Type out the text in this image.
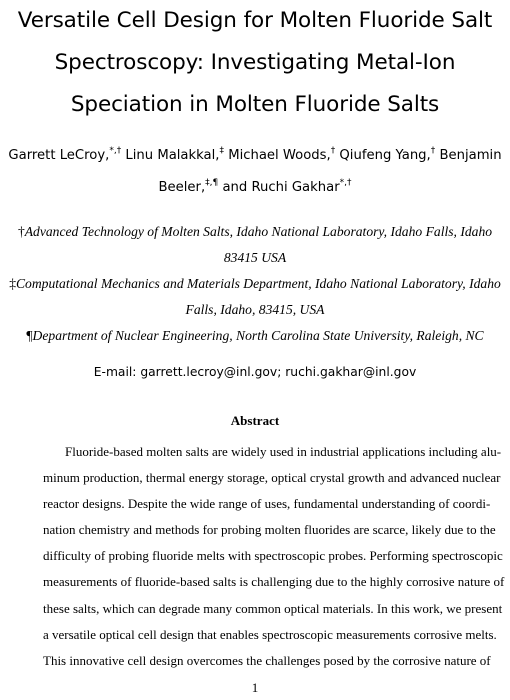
Versatile Cell Design for Molten Fluoride Salt
Spectroscopy: Investigating Metal-Ion
Speciation in Molten Fluoride Salts
Garrett LeCroy,*,† Linu Malakkal,‡ Michael Woods,† Qiufeng Yang,† Benjamin
Beeler,‡,¶ and Ruchi Gakhar*,†
†Advanced Technology of Molten Salts, Idaho National Laboratory, Idaho Falls, Idaho
83415 USA
‡Computational Mechanics and Materials Department, Idaho National Laboratory, Idaho
Falls, Idaho, 83415, USA
¶Department of Nuclear Engineering, North Carolina State University, Raleigh, NC
E-mail: garrett.lecroy@inl.gov; ruchi.gakhar@inl.gov
Abstract
Fluoride-based molten salts are widely used in industrial applications including alu-
minum production, thermal energy storage, optical crystal growth and advanced nuclear
reactor designs. Despite the wide range of uses, fundamental understanding of coordi-
nation chemistry and methods for probing molten fluorides are scarce, likely due to the
difficulty of probing fluoride melts with spectroscopic probes. Performing spectroscopic
measurements of fluoride-based salts is challenging due to the highly corrosive nature of
these salts, which can degrade many common optical materials. In this work, we present
a versatile optical cell design that enables spectroscopic measurements corrosive melts.
This innovative cell design overcomes the challenges posed by the corrosive nature of
1
